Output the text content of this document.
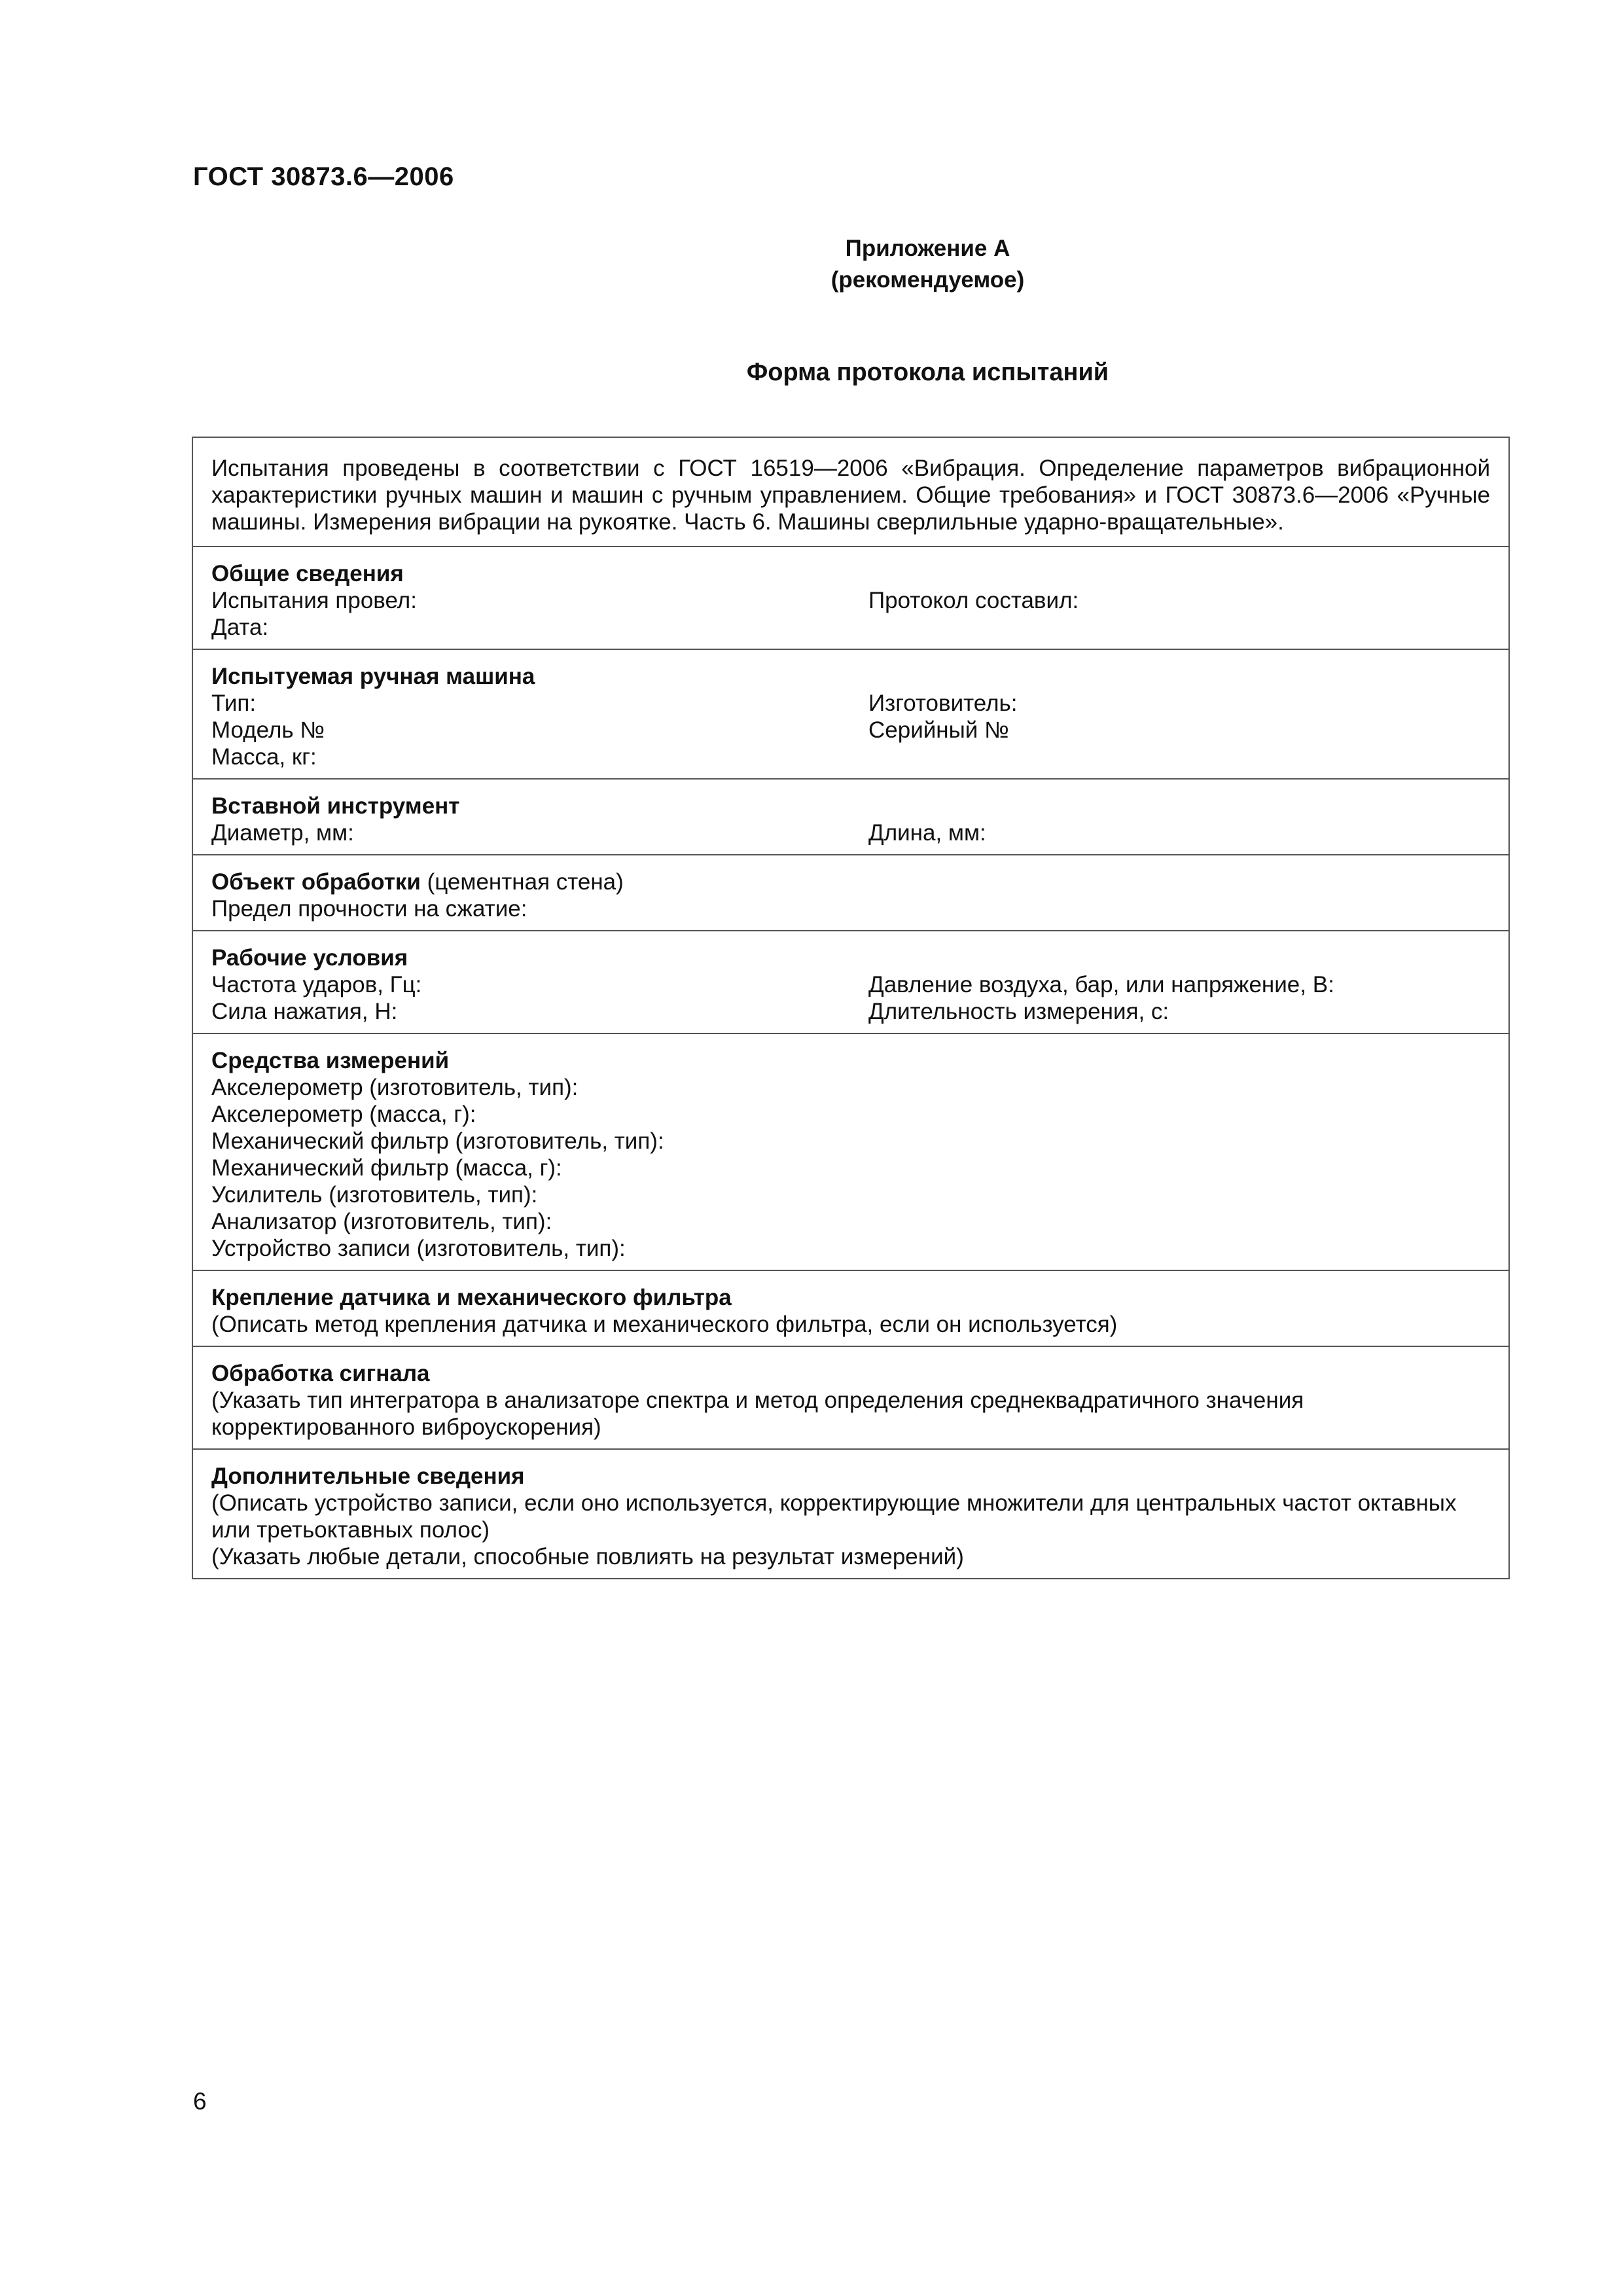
ГОСТ 30873.6—2006
Приложение А
(рекомендуемое)
Форма протокола испытаний
Испытания проведены в соответствии с ГОСТ 16519—2006 «Вибрация. Определение параметров вибрационной характеристики ручных машин и машин с ручным управлением. Общие требования» и ГОСТ 30873.6—2006 «Ручные машины. Измерения вибрации на рукоятке. Часть 6. Машины сверлильные ударно-вращательные».
Общие сведения
Испытания провел:
Дата:
Протокол составил:
Испытуемая ручная машина
Тип:
Модель №
Масса, кг:
Изготовитель:
Серийный №
Вставной инструмент
Диаметр, мм:	Длина, мм:
Объект обработки (цементная стена)
Предел прочности на сжатие:
Рабочие условия
Частота ударов, Гц:
Сила нажатия, Н:
Давление воздуха, бар, или напряжение, В:
Длительность измерения, с:
Средства измерений
Акселерометр (изготовитель, тип):
Акселерометр (масса, г):
Механический фильтр (изготовитель, тип):
Механический фильтр (масса, г):
Усилитель (изготовитель, тип):
Анализатор (изготовитель, тип):
Устройство записи (изготовитель, тип):
Крепление датчика и механического фильтра
(Описать метод крепления датчика и механического фильтра, если он используется)
Обработка сигнала
(Указать тип интегратора в анализаторе спектра и метод определения среднеквадратичного значения корректированного виброускорения)
Дополнительные сведения
(Описать устройство записи, если оно используется, корректирующие множители для центральных частот октавных или третьоктавных полос)
(Указать любые детали, способные повлиять на результат измерений)
6
